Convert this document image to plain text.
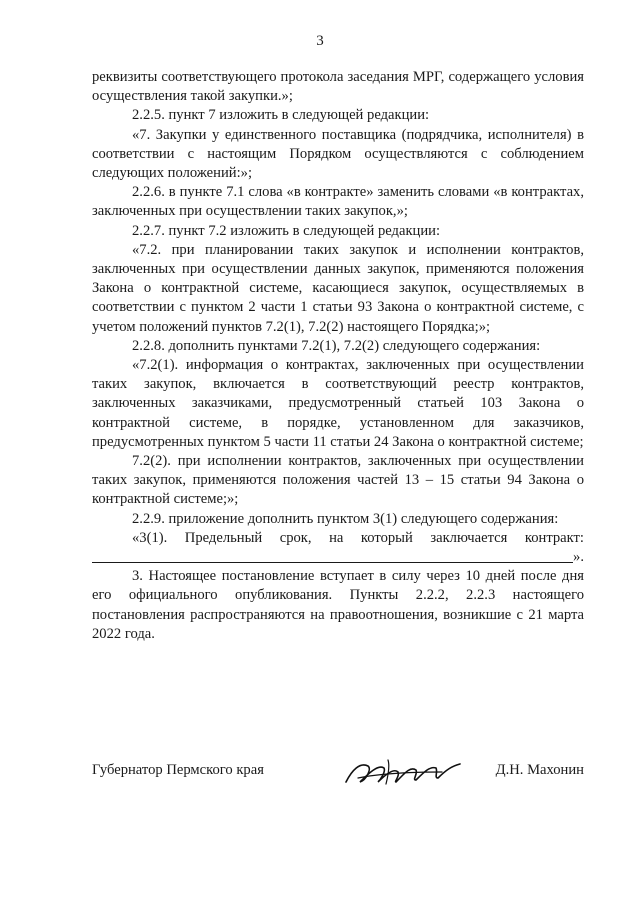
3

реквизиты соответствующего протокола заседания МРГ, содержащего условия осуществления такой закупки.»;

2.2.5. пункт 7 изложить в следующей редакции:

«7. Закупки у единственного поставщика (подрядчика, исполнителя) в соответствии с настоящим Порядком осуществляются с соблюдением следующих положений:»;

2.2.6. в пункте 7.1 слова «в контракте» заменить словами «в контрактах, заключенных при осуществлении таких закупок,»;

2.2.7. пункт 7.2 изложить в следующей редакции:

«7.2. при планировании таких закупок и исполнении контрактов, заключенных при осуществлении данных закупок, применяются положения Закона о контрактной системе, касающиеся закупок, осуществляемых в соответствии с пунктом 2 части 1 статьи 93 Закона о контрактной системе, с учетом положений пунктов 7.2(1), 7.2(2) настоящего Порядка;»;

2.2.8. дополнить пунктами 7.2(1), 7.2(2) следующего содержания:

«7.2(1). информация о контрактах, заключенных при осуществлении таких закупок, включается в соответствующий реестр контрактов, заключенных заказчиками, предусмотренный статьей 103 Закона о контрактной системе, в порядке, установленном для заказчиков, предусмотренных пунктом 5 части 11 статьи 24 Закона о контрактной системе;

7.2(2). при исполнении контрактов, заключенных при осуществлении таких закупок, применяются положения частей 13 – 15 статьи 94 Закона о контрактной системе;»;

2.2.9. приложение дополнить пунктом 3(1) следующего содержания:

«3(1). Предельный срок, на который заключается контракт:

».

3. Настоящее постановление вступает в силу через 10 дней после дня его официального опубликования. Пункты 2.2.2, 2.2.3 настоящего постановления распространяются на правоотношения, возникшие с 21 марта 2022 года.

Губернатор Пермского края	Д.Н. Махонин
